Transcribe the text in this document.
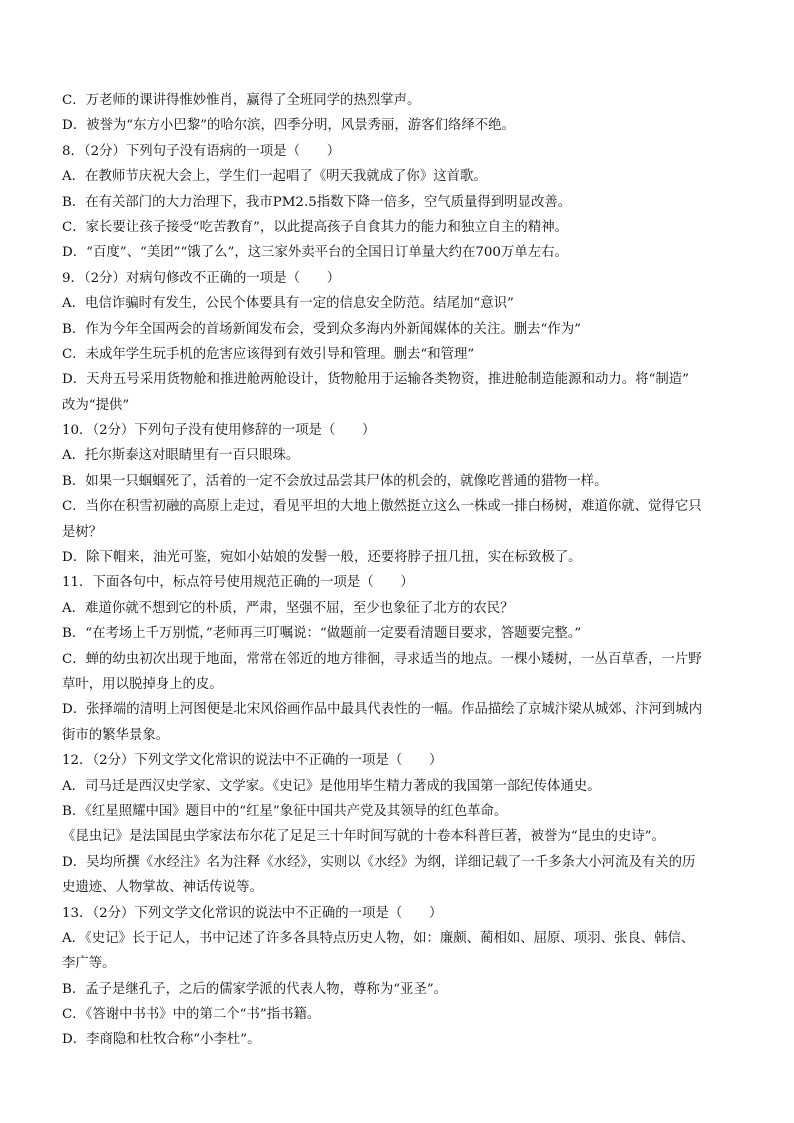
C．万老师的课讲得惟妙惟肖，赢得了全班同学的热烈掌声。
D．被誉为“东方小巴黎”的哈尔滨，四季分明，风景秀丽，游客们络绎不绝。
8．（2分）下列句子没有语病的一项是（　　）
A．在教师节庆祝大会上，学生们一起唱了《明天我就成了你》这首歌。
B．在有关部门的大力治理下，我市PM2.5指数下降一倍多，空气质量得到明显改善。
C．家长要让孩子接受“吃苦教育”，以此提高孩子自食其力的能力和独立自主的精神。
D．“百度”、“美团”“饿了么”，这三家外卖平台的全国日订单量大约在700万单左右。
9．（2分）对病句修改不正确的一项是（　　）
A．电信诈骗时有发生，公民个体要具有一定的信息安全防范。结尾加“意识”
B．作为今年全国两会的首场新闻发布会，受到众多海内外新闻媒体的关注。删去“作为”
C．未成年学生玩手机的危害应该得到有效引导和管理。删去“和管理”
D．天舟五号采用货物舱和推进舱两舱设计，货物舱用于运输各类物资，推进舱制造能源和动力。将“制造”
改为“提供”
10．（2分）下列句子没有使用修辞的一项是（　　）
A．托尔斯泰这对眼睛里有一百只眼珠。
B．如果一只蝈蝈死了，活着的一定不会放过品尝其尸体的机会的，就像吃普通的猎物一样。
C．当你在积雪初融的高原上走过，看见平坦的大地上傲然挺立这么一株或一排白杨树，难道你就、觉得它只
是树？
D．除下帽来，油光可鉴，宛如小姑娘的发髻一般，还要将脖子扭几扭，实在标致极了。
11．下面各句中，标点符号使用规范正确的一项是（　　）
A．难道你就不想到它的朴质，严肃，坚强不屈，至少也象征了北方的农民？
B．“在考场上千万别慌，”老师再三叮嘱说：“做题前一定要看清题目要求，答题要完整。”
C．蝉的幼虫初次出现于地面，常常在邻近的地方徘徊，寻求适当的地点。一棵小矮树，一丛百草香，一片野
草叶，用以脱掉身上的皮。
D．张择端的清明上河图便是北宋风俗画作品中最具代表性的一幅。作品描绘了京城汴梁从城郊、汴河到城内
街市的繁华景象。
12．（2分）下列文学文化常识的说法中不正确的一项是（　　）
A．司马迁是西汉史学家、文学家。《史记》是他用毕生精力著成的我国第一部纪传体通史。
B．《红星照耀中国》题目中的“红星”象征中国共产党及其领导的红色革命。
《昆虫记》是法国昆虫学家法布尔花了足足三十年时间写就的十卷本科普巨著，被誉为“昆虫的史诗”。
D．吴均所撰《水经注》名为注释《水经》，实则以《水经》为纲，详细记载了一千多条大小河流及有关的历
史遗迹、人物掌故、神话传说等。
13．（2分）下列文学文化常识的说法中不正确的一项是（　　）
A．《史记》长于记人，书中记述了许多各具特点历史人物，如：廉颇、蔺相如、屈原、项羽、张良、韩信、
李广等。
B．孟子是继孔子，之后的儒家学派的代表人物，尊称为“亚圣”。
C．《答谢中书书》中的第二个“书”指书籍。
D．李商隐和杜牧合称“小李杜”。
